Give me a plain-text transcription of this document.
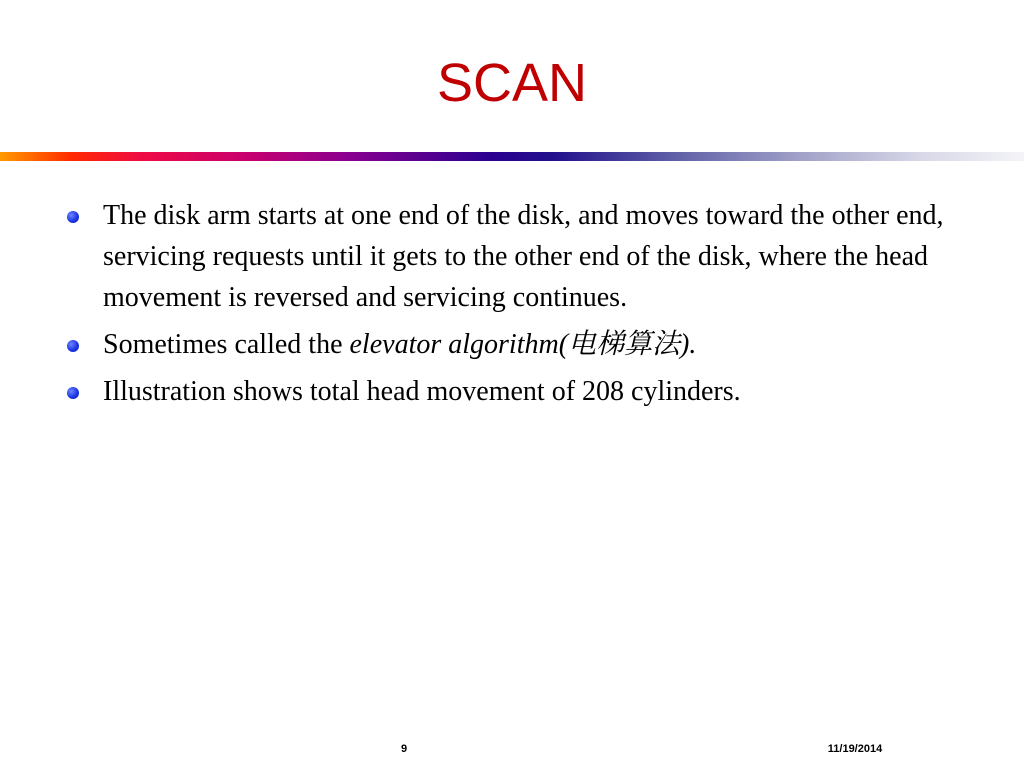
SCAN
The disk arm starts at one end of the disk, and moves toward the other end, servicing requests until it gets to the other end of the disk, where the head movement is reversed and servicing continues.
Sometimes called the elevator algorithm(电梯算法).
Illustration shows total head movement of 208 cylinders.
9	11/19/2014
